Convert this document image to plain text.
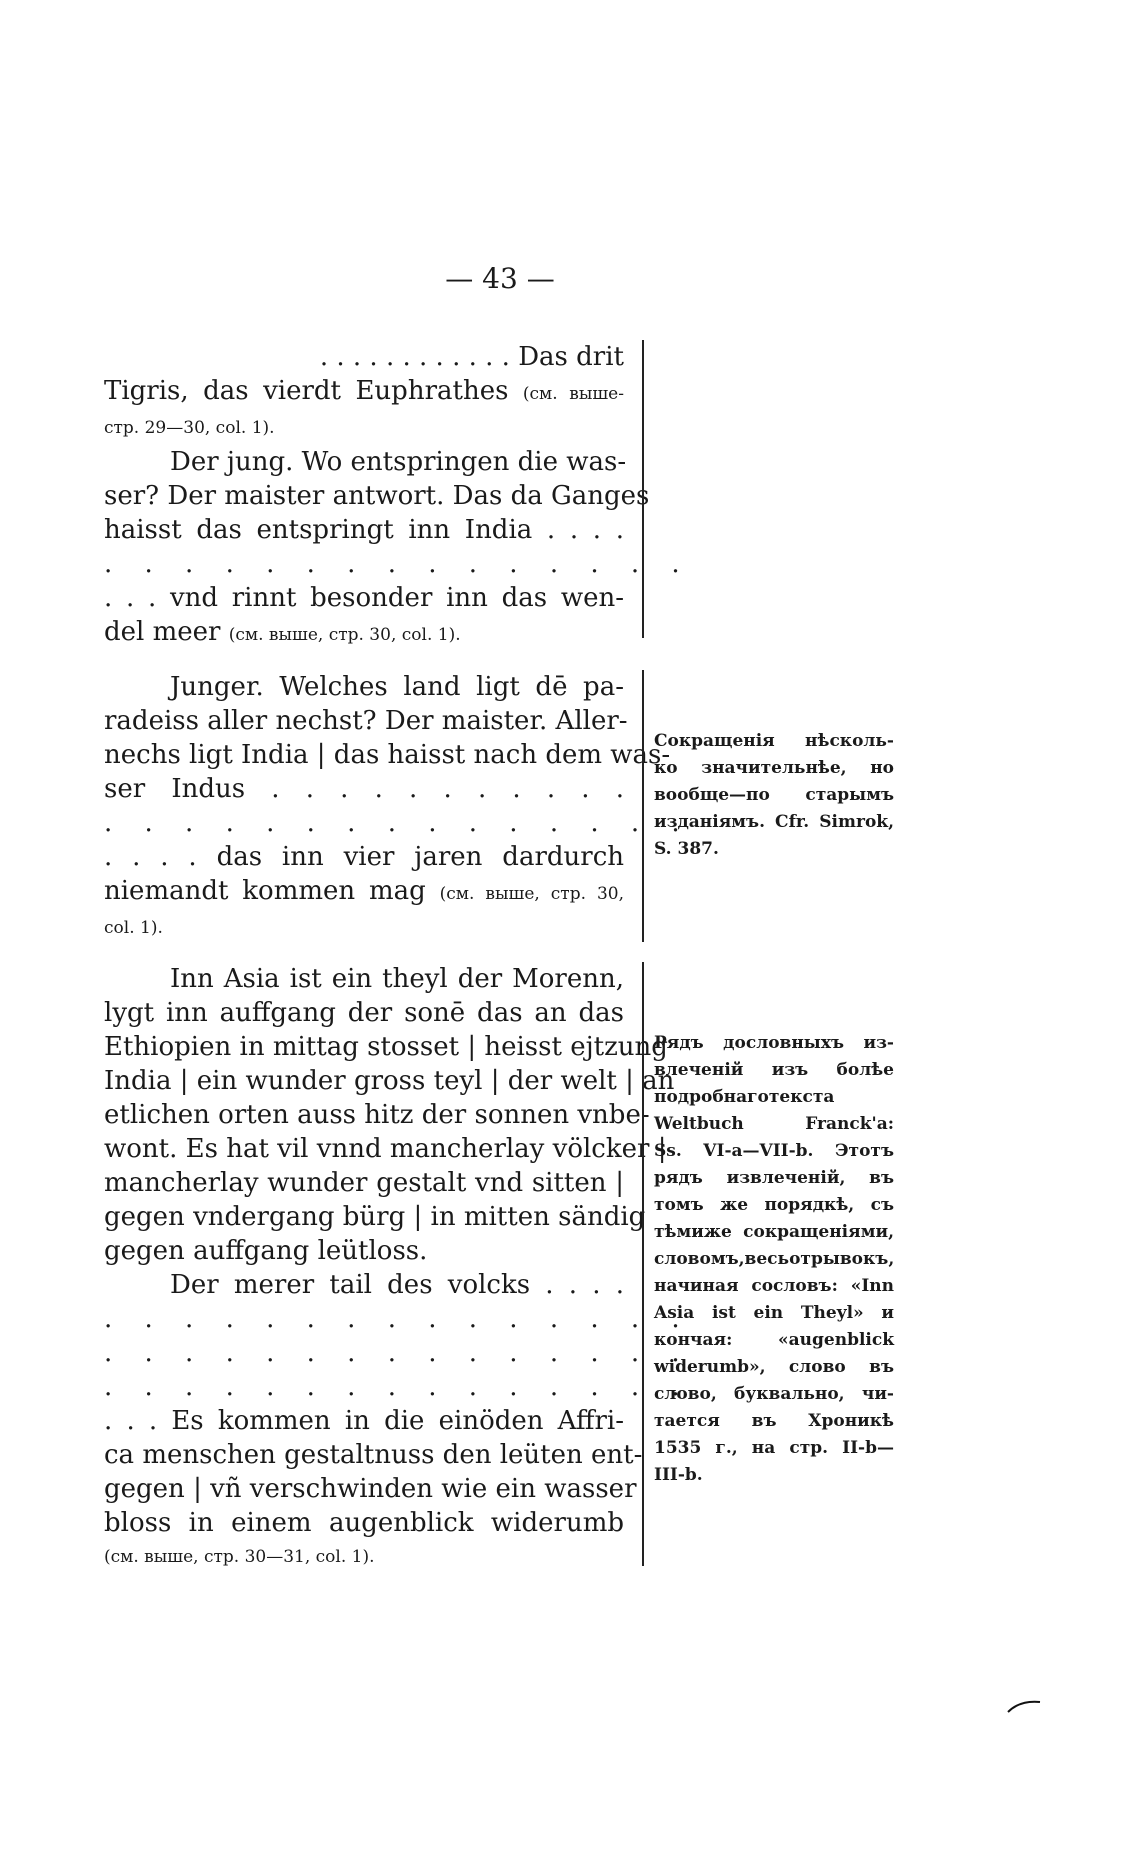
— 43 —
. . . . . . . . . . . . Das drit
Tigris, das vierdt Euphrathes (см. выше‑
стр. 29—30, col. 1).
Der jung. Wo entspringen die was‑
ser? Der maister antwort. Das da Ganges
haisst das entspringt inn India . . . .
. . . . . . . . . . . . . . .
. . . vnd rinnt besonder inn das wen‑
del meer (см. выше, стр. 30, col. 1).
Junger. Welches land ligt dē pa‑
radeiss aller nechst? Der maister. Aller‑
nechs ligt India | das haisst nach dem was‑
ser Indus . . . . . . . . . . .
. . . . . . . . . . . . . . .
. . . . das inn vier jaren dardurch
niemandt kommen mag (см. выше, стр. 30,
col. 1).
Inn Asia ist ein theyl der Morenn,
lygt inn auffgang der sonē das an das
Ethiopien in mittag stosset | heisst ejtzung
India | ein wunder gross teyl | der welt | an
etlichen orten auss hitz der sonnen vnbe‑
wont. Es hat vil vnnd mancherlay völcker |
mancherlay wunder gestalt vnd sitten |
gegen vndergang bürg | in mitten sändig
gegen auffgang leütloss.
Der merer tail des volcks . . . .
. . . . . . . . . . . . . . .
. . . . . . . . . . . . . . .
. . . . . . . . . . . . . . .
. . . Es kommen in die einöden Affri‑
ca menschen gestaltnuss den leüten ent‑
gegen | vñ verschwinden wie ein wasser
bloss in einem augenblick widerumb
(см. выше, стр. 30—31, col. 1).
Сокращенія нѣсколь‑
ко значительнѣе, но
вообще—по старымъ
изданіямъ. Cfr. Simrok,
S. 387.
Рядъ дословныхъ из‑
влеченій изъ болѣе
подробнаготекста
Weltbuch Franck'a:
Ss. VI‑a—VII‑b. Этотъ
рядъ извлеченій, въ
томъ же порядкѣ, съ
тѣмиже сокращеніями,
словомъ,весьотрывокъ,
начиная сословъ: «Inn
Asia ist ein Theyl» и
кончая: «augenblick
widerumb», слово въ
слово, буквально, чи‑
тается въ Хроникѣ
1535 г., на стр. II‑b—
III‑b.
